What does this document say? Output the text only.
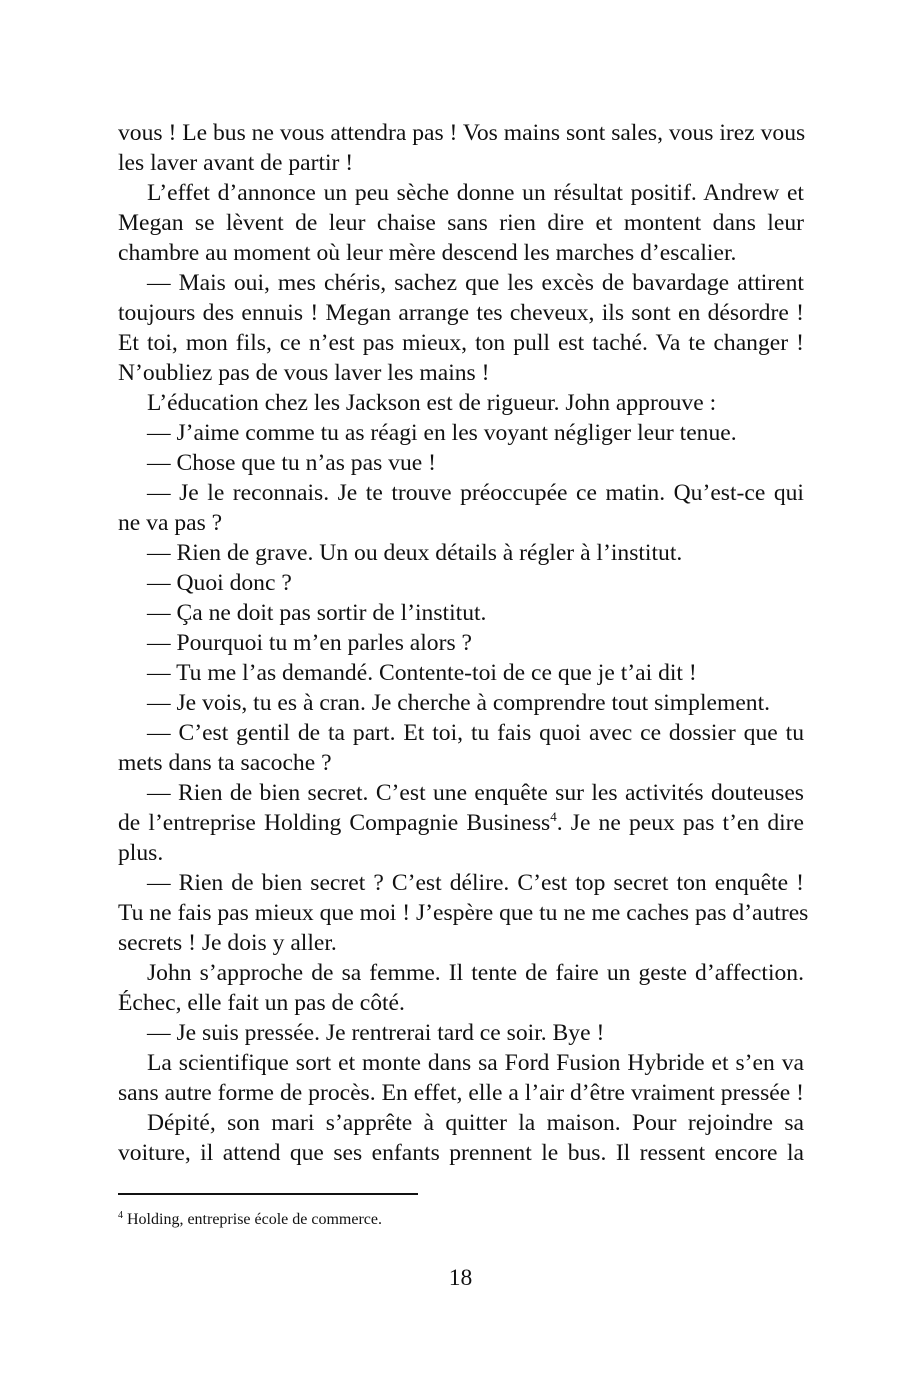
vous ! Le bus ne vous attendra pas ! Vos mains sont sales, vous irez vous
les laver avant de partir !
L’effet d’annonce un peu sèche donne un résultat positif. Andrew et
Megan se lèvent de leur chaise sans rien dire et montent dans leur
chambre au moment où leur mère descend les marches d’escalier.
— Mais oui, mes chéris, sachez que les excès de bavardage attirent
toujours des ennuis ! Megan arrange tes cheveux, ils sont en désordre !
Et toi, mon fils, ce n’est pas mieux, ton pull est taché. Va te changer !
N’oubliez pas de vous laver les mains !
L’éducation chez les Jackson est de rigueur. John approuve :
— J’aime comme tu as réagi en les voyant négliger leur tenue.
— Chose que tu n’as pas vue !
— Je le reconnais. Je te trouve préoccupée ce matin. Qu’est-ce qui
ne va pas ?
— Rien de grave. Un ou deux détails à régler à l’institut.
— Quoi donc ?
— Ça ne doit pas sortir de l’institut.
— Pourquoi tu m’en parles alors ?
— Tu me l’as demandé. Contente-toi de ce que je t’ai dit !
— Je vois, tu es à cran. Je cherche à comprendre tout simplement.
— C’est gentil de ta part. Et toi, tu fais quoi avec ce dossier que tu
mets dans ta sacoche ?
— Rien de bien secret. C’est une enquête sur les activités douteuses
de l’entreprise Holding Compagnie Business$^4$. Je ne peux pas t’en dire
plus.
— Rien de bien secret ? C’est délire. C’est top secret ton enquête !
Tu ne fais pas mieux que moi ! J’espère que tu ne me caches pas d’autres
secrets ! Je dois y aller.
John s’approche de sa femme. Il tente de faire un geste d’affection.
Échec, elle fait un pas de côté.
— Je suis pressée. Je rentrerai tard ce soir. Bye !
La scientifique sort et monte dans sa Ford Fusion Hybride et s’en va
sans autre forme de procès. En effet, elle a l’air d’être vraiment pressée !
Dépité, son mari s’apprête à quitter la maison. Pour rejoindre sa
voiture, il attend que ses enfants prennent le bus. Il ressent encore la
$^4$ Holding, entreprise école de commerce.
18
